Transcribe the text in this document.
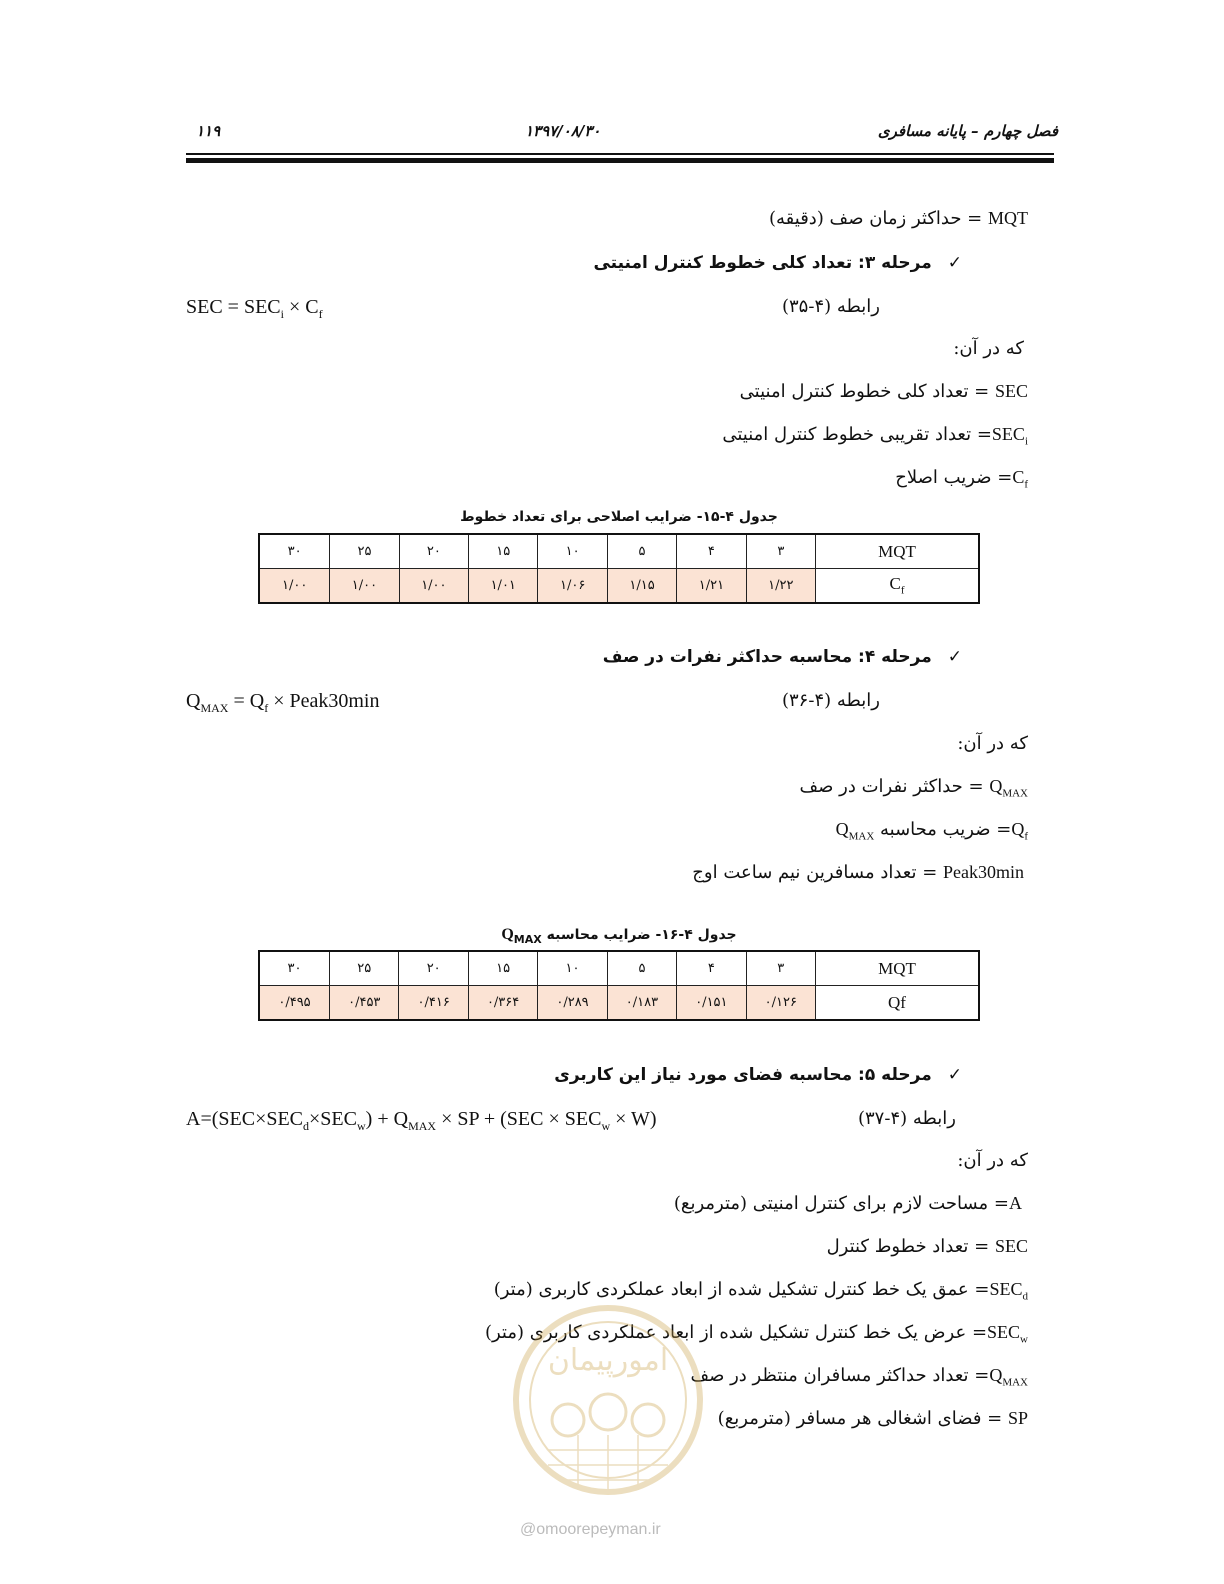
۱۱۹	۱۳۹۷/۰۸/۳۰	فصل چهارم – پایانه مسافری
MQT = حداکثر زمان صف (دقیقه)
✓مرحله ۳: تعداد کلی خطوط کنترل امنیتی
رابطه (۴-۳۵)
SEC = $SEC_i \times C_f$
که در آن:
SEC = تعداد کلی خطوط کنترل امنیتی
$SEC_i=$ تعداد تقریبی خطوط کنترل امنیتی
$C_f=$ ضریب اصلاح
جدول ۴-۱۵- ضرایب اصلاحی برای تعداد خطوط
MQT	۳	۴	۵	۱۰	۱۵	۲۰	۲۵	۳۰
$C_f$	۱/۲۲	۱/۲۱	۱/۱۵	۱/۰۶	۱/۰۱	۱/۰۰	۱/۰۰	۱/۰۰
✓مرحله ۴: محاسبه حداکثر نفرات در صف
رابطه (۴-۳۶)
$Q_{MAX} = Q_f$ × Peak30min
که در آن:
$Q_{MAX}$ = حداکثر نفرات در صف
$Q_f=$ ضریب محاسبه $Q_{MAX}$
Peak30min = تعداد مسافرین نیم ساعت اوج
جدول ۴-۱۶- ضرایب محاسبه $Q_{MAX}$
MQT	۳	۴	۵	۱۰	۱۵	۲۰	۲۵	۳۰
Qf	۰/۱۲۶	۰/۱۵۱	۰/۱۸۳	۰/۲۸۹	۰/۳۶۴	۰/۴۱۶	۰/۴۵۳	۰/۴۹۵
✓مرحله ۵: محاسبه فضای مورد نیاز این کاربری
رابطه (۴-۳۷)
$A=(SEC\times SEC_d\times SEC_w) + Q_{MAX}$ × SP + $(SEC \times SEC_w \times W)$
که در آن:
A= مساحت لازم برای کنترل امنیتی (مترمربع)
SEC = تعداد خطوط کنترل
$SEC_d=$ عمق یک خط کنترل تشکیل شده از ابعاد عملکردی کاربری (متر)
$SEC_w=$ عرض یک خط کنترل تشکیل شده از ابعاد عملکردی کاربری (متر)
$Q_{MAX}=$ تعداد حداکثر مسافران منتظر در صف
SP = فضای اشغالی هر مسافر (مترمربع)
امورپیمان
@omoorepeyman.ir
